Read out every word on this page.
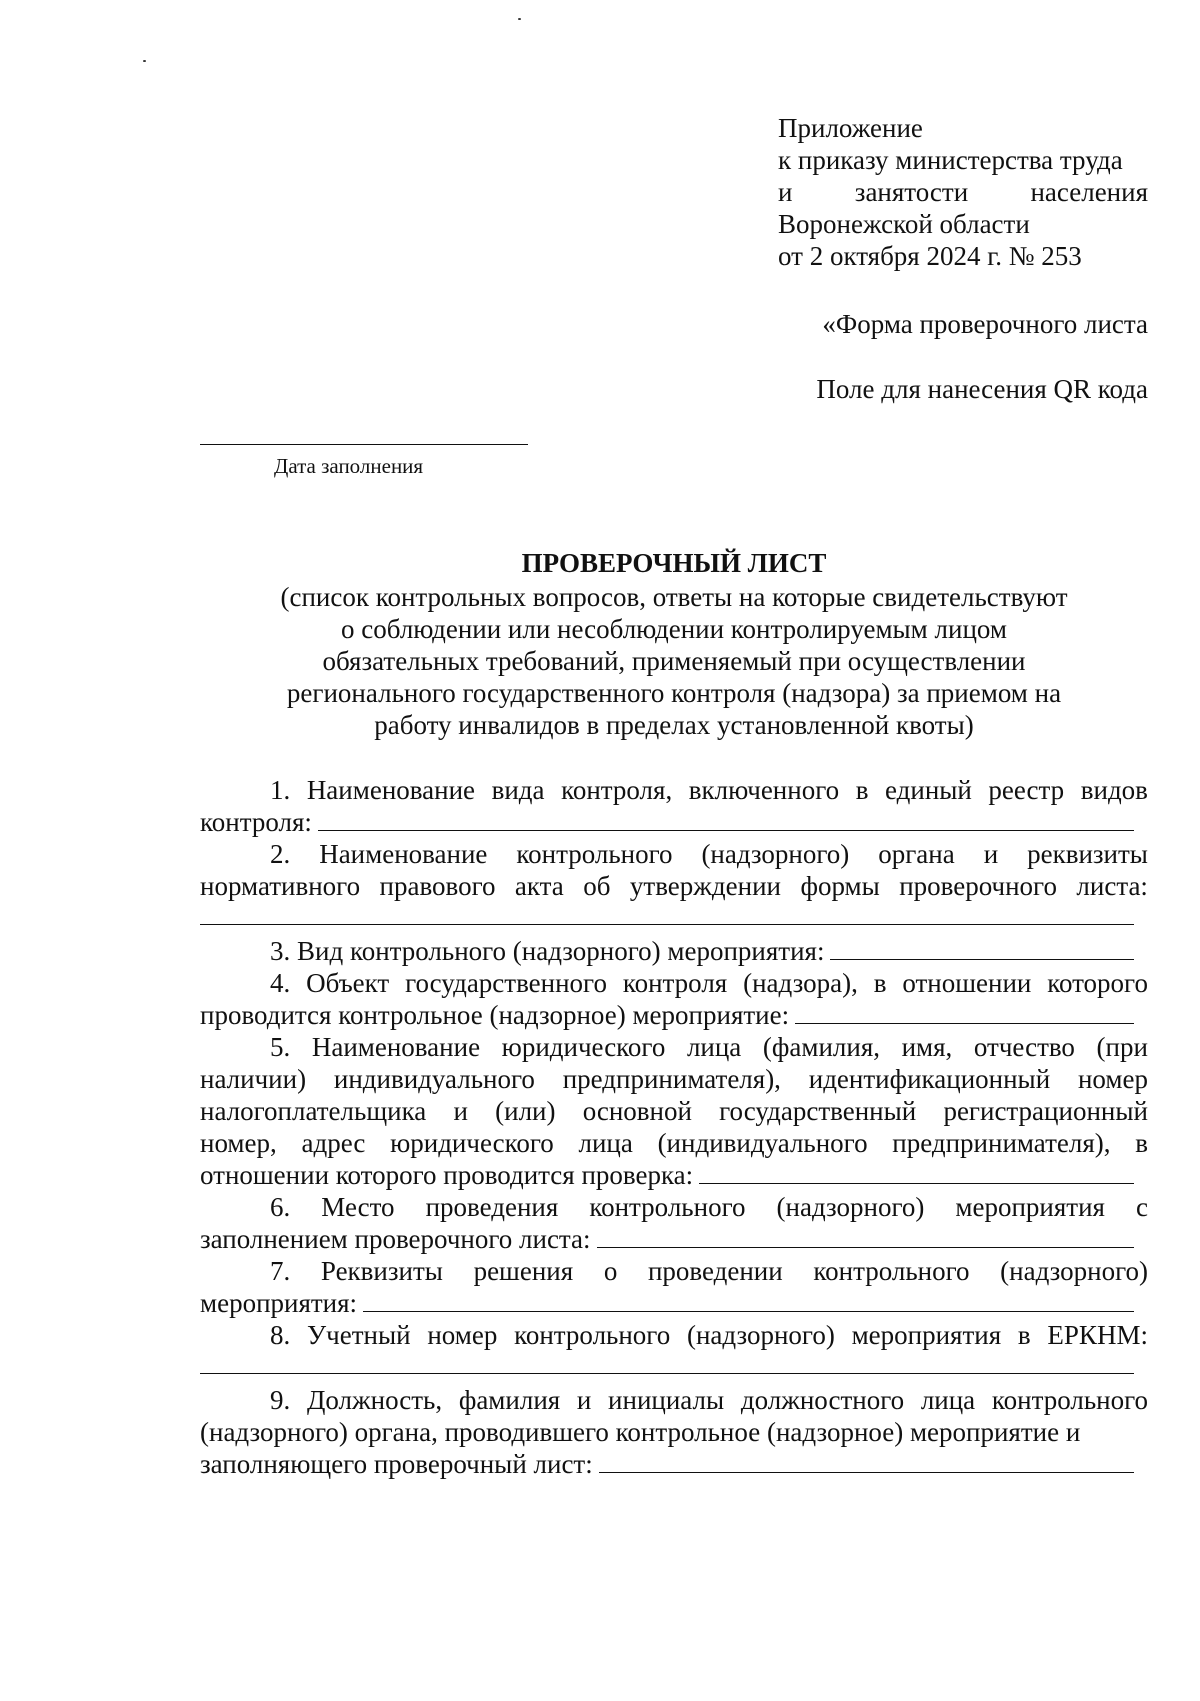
Приложение
к приказу министерства труда
и занятости населения
Воронежской области
от 2 октября 2024 г. № 253
«Форма проверочного листа
Поле для нанесения QR кода
Дата заполнения
ПРОВЕРОЧНЫЙ ЛИСТ
(список контрольных вопросов, ответы на которые свидетельствуют
о соблюдении или несоблюдении контролируемым лицом
обязательных требований, применяемый при осуществлении
регионального государственного контроля (надзора) за приемом на
работу инвалидов в пределах установленной квоты)
1. Наименование вида контроля, включенного в единый реестр видов
контроля:
2. Наименование контрольного (надзорного) органа и реквизиты
нормативного правового акта об утверждении формы проверочного листа:
3. Вид контрольного (надзорного) мероприятия:
4. Объект государственного контроля (надзора), в отношении которого
проводится контрольное (надзорное) мероприятие:
5. Наименование юридического лица (фамилия, имя, отчество (при
наличии) индивидуального предпринимателя), идентификационный номер
налогоплательщика и (или) основной государственный регистрационный
номер, адрес юридического лица (индивидуального предпринимателя), в
отношении которого проводится проверка:
6. Место проведения контрольного (надзорного) мероприятия с
заполнением проверочного листа:
7. Реквизиты решения о проведении контрольного (надзорного)
мероприятия:
8. Учетный номер контрольного (надзорного) мероприятия в ЕРКНМ:
9. Должность, фамилия и инициалы должностного лица контрольного
(надзорного) органа, проводившего контрольное (надзорное) мероприятие и
заполняющего проверочный лист:
